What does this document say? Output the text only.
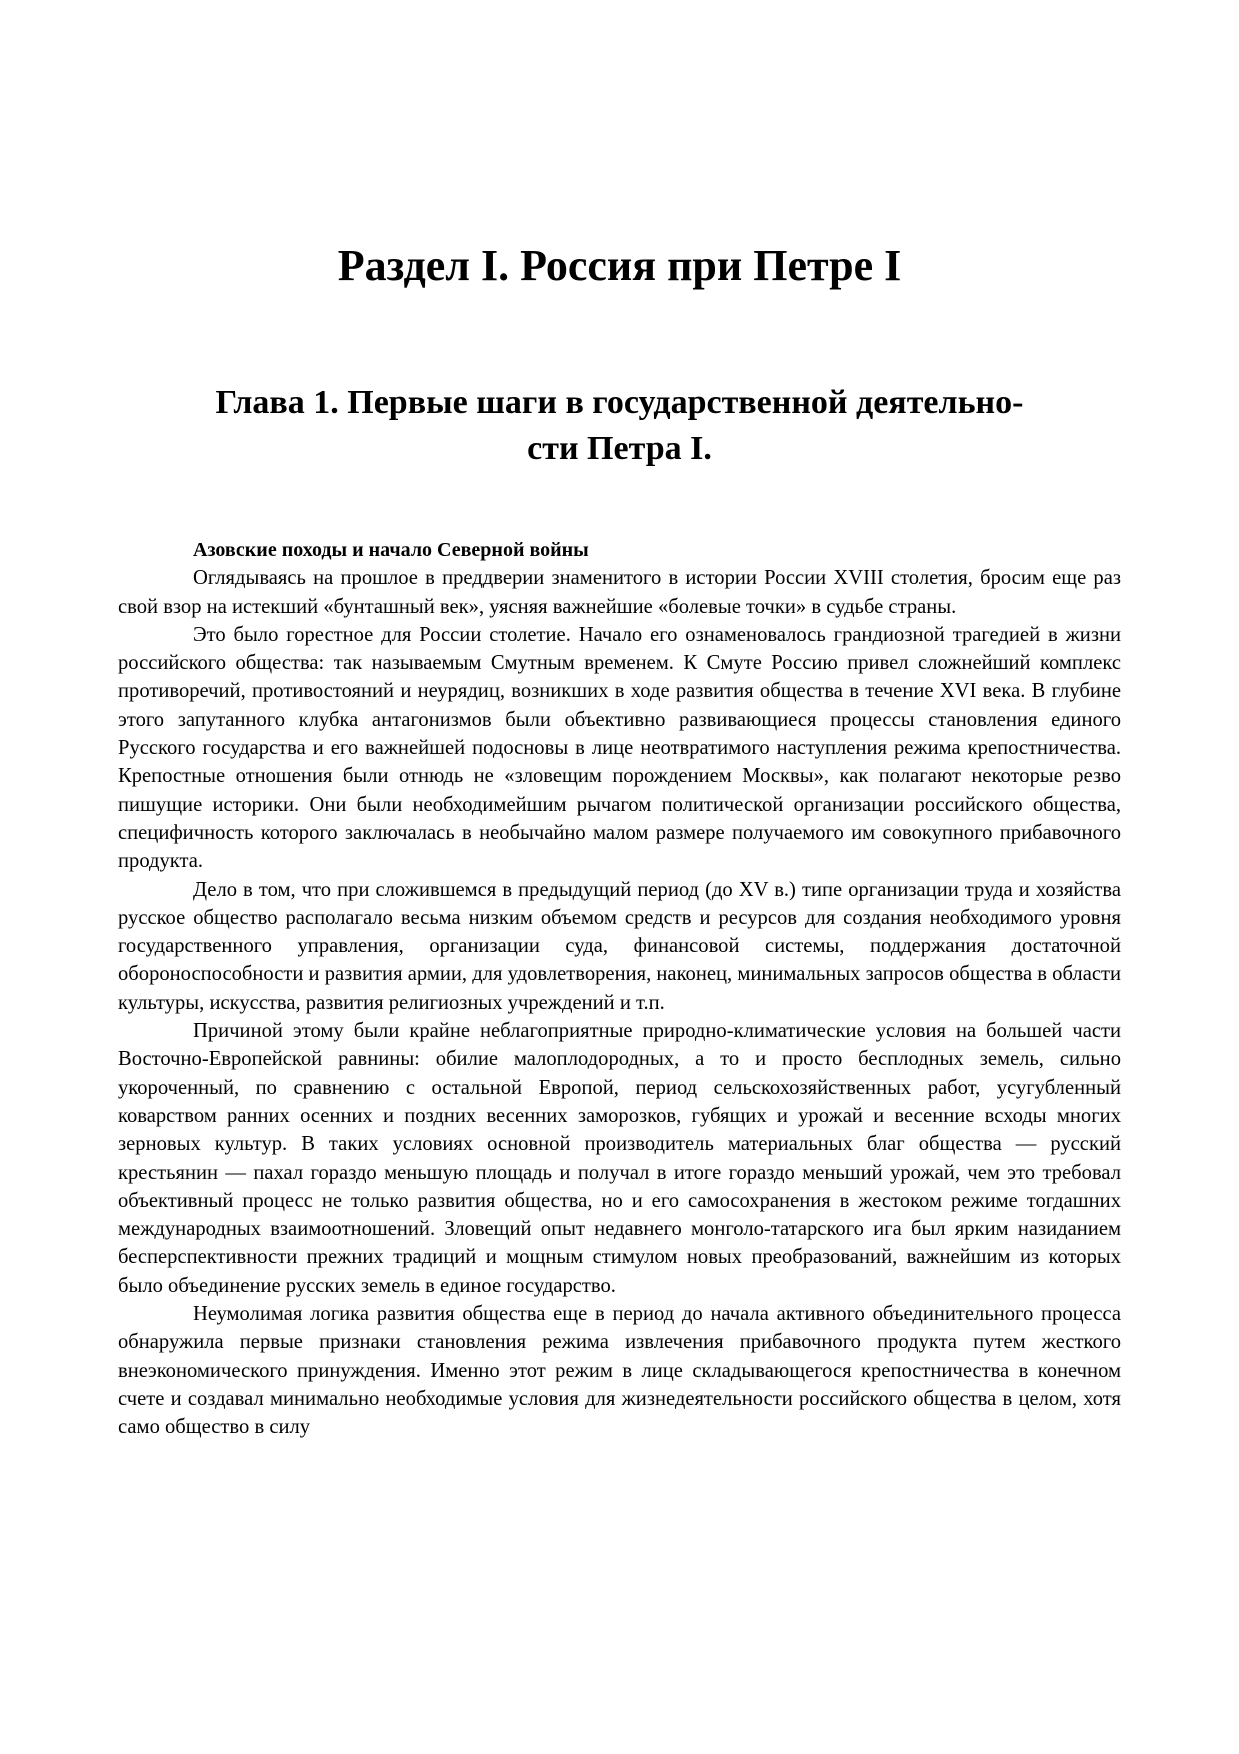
Раздел I. Россия при Петре I
Глава 1. Первые шаги в государственной деятельно-
сти Петра I.
Азовские походы и начало Северной войны

Оглядываясь на прошлое в преддверии знаменитого в истории России XVIII столетия, бросим еще раз свой взор на истекший «бунташный век», уясняя важнейшие «болевые точки» в судьбе страны.

Это было горестное для России столетие. Начало его ознаменовалось грандиозной трагедией в жизни российского общества: так называемым Смутным временем. К Смуте Россию привел сложнейший комплекс противоречий, противостояний и неурядиц, возникших в ходе развития общества в течение XVI века. В глубине этого запутанного клубка антагонизмов были объективно развивающиеся процессы становления единого Русского государства и его важнейшей подосновы в лице неотвратимого наступления режима крепостничества. Крепостные отношения были отнюдь не «зловещим порождением Москвы», как полагают некоторые резво пишущие историки. Они были необходимейшим рычагом политической организации российского общества, специфичность которого заключалась в необычайно малом размере получаемого им совокупного прибавочного продукта.

Дело в том, что при сложившемся в предыдущий период (до XV в.) типе организации труда и хозяйства русское общество располагало весьма низким объемом средств и ресурсов для создания необходимого уровня государственного управления, организации суда, финансовой системы, поддержания достаточной обороноспособности и развития армии, для удовлетворения, наконец, минимальных запросов общества в области культуры, искусства, развития религиозных учреждений и т.п.

Причиной этому были крайне неблагоприятные природно-климатические условия на большей части Восточно-Европейской равнины: обилие малоплодородных, а то и просто бесплодных земель, сильно укороченный, по сравнению с остальной Европой, период сельскохозяйственных работ, усугубленный коварством ранних осенних и поздних весенних заморозков, губящих и урожай и весенние всходы многих зерновых культур. В таких условиях основной производитель материальных благ общества — русский крестьянин — пахал гораздо меньшую площадь и получал в итоге гораздо меньший урожай, чем это требовал объективный процесс не только развития общества, но и его самосохранения в жестоком режиме тогдашних международных взаимоотношений. Зловещий опыт недавнего монголо-татарского ига был ярким назиданием бесперспективности прежних традиций и мощным стимулом новых преобразований, важнейшим из которых было объединение русских земель в единое государство.

Неумолимая логика развития общества еще в период до начала активного объединительного процесса обнаружила первые признаки становления режима извлечения прибавочного продукта путем жесткого внеэкономического принуждения. Именно этот режим в лице складывающегося крепостничества в конечном счете и создавал минимально необходимые условия для жизнедеятельности российского общества в целом, хотя само общество в силу
